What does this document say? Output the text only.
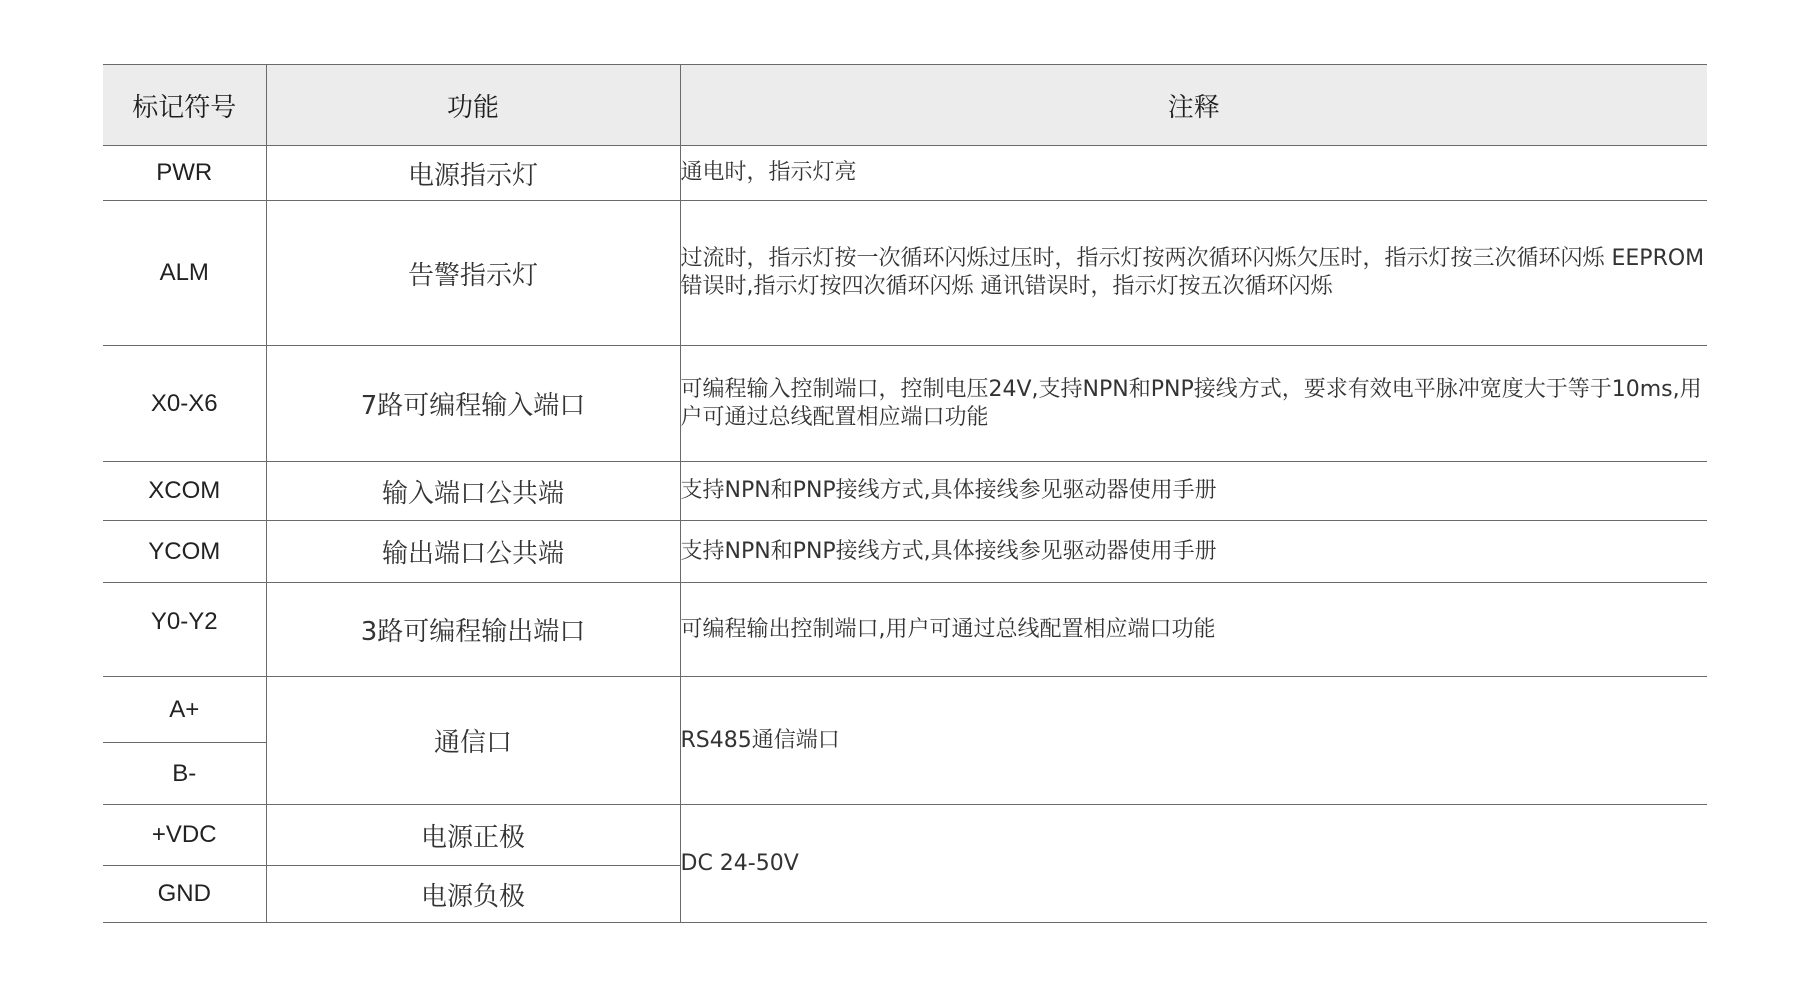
标记符号	功能	注释
PWR	电源指示灯	通电时，指示灯亮
ALM	告警指示灯	过流时，指示灯按一次循环闪烁过压时，指示灯按两次循环闪烁欠压时，指示灯按三次循环闪烁 EEPROM错误时,指示灯按四次循环闪烁 通讯错误时，指示灯按五次循环闪烁
X0-X6	7路可编程输入端口	可编程输入控制端口，控制电压24V,支持NPN和PNP接线方式，要求有效电平脉冲宽度大于等于10ms,用户可通过总线配置相应端口功能
XCOM	输入端口公共端	支持NPN和PNP接线方式,具体接线参见驱动器使用手册
YCOM	输出端口公共端	支持NPN和PNP接线方式,具体接线参见驱动器使用手册
Y0-Y2	3路可编程输出端口	可编程输出控制端口,用户可通过总线配置相应端口功能
A+	通信口	RS485通信端口
B-		
+VDC	电源正极	DC 24-50V
GND	电源负极	
